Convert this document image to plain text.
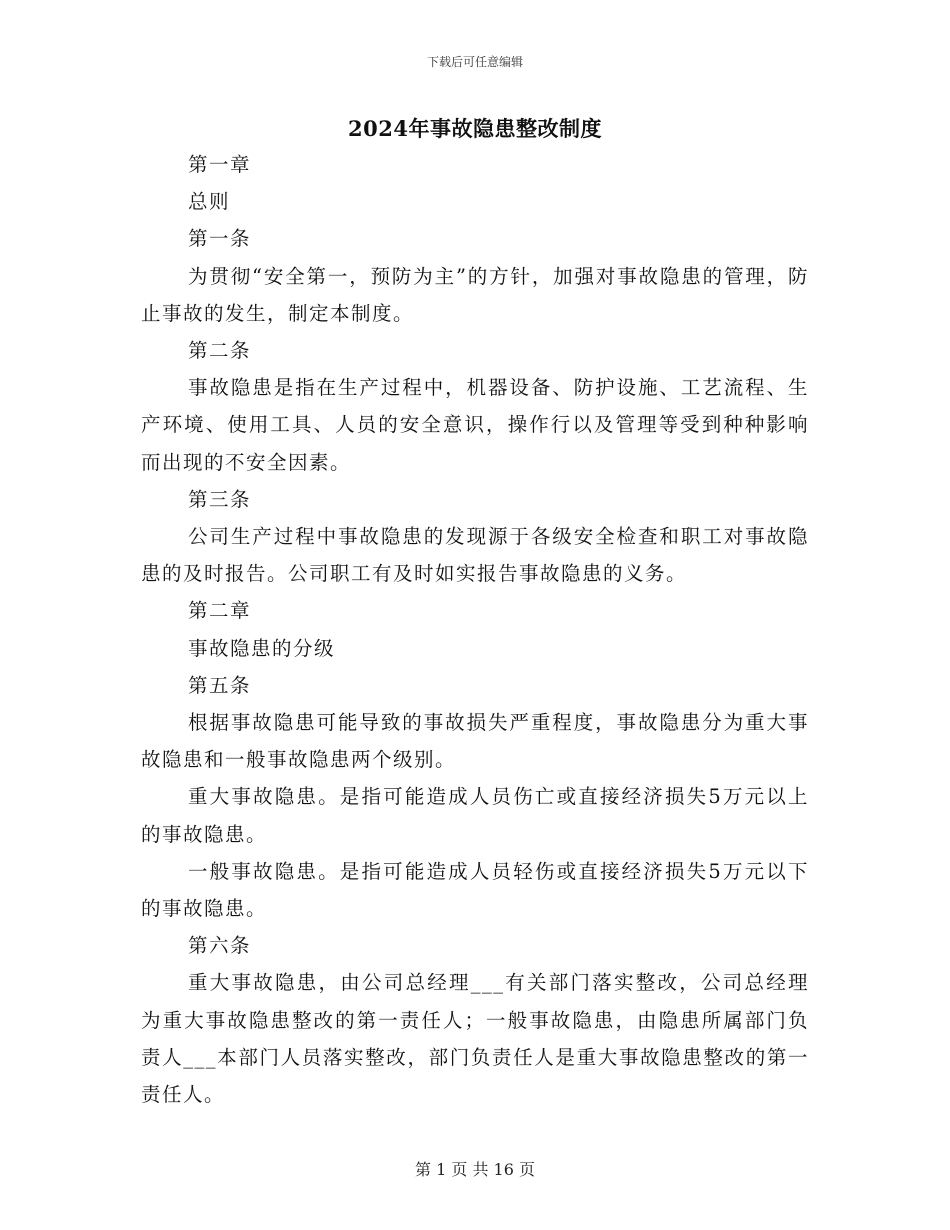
下载后可任意编辑
2024年事故隐患整改制度

第一章

总则

第一条

为贯彻“安全第一，预防为主”的方针，加强对事故隐患的管理，防止事故的发生，制定本制度。

第二条

事故隐患是指在生产过程中，机器设备、防护设施、工艺流程、生产环境、使用工具、人员的安全意识，操作行以及管理等受到种种影响而出现的不安全因素。

第三条

公司生产过程中事故隐患的发现源于各级安全检查和职工对事故隐患的及时报告。公司职工有及时如实报告事故隐患的义务。

第二章

事故隐患的分级

第五条

根据事故隐患可能导致的事故损失严重程度，事故隐患分为重大事故隐患和一般事故隐患两个级别。

重大事故隐患。是指可能造成人员伤亡或直接经济损失5万元以上的事故隐患。

一般事故隐患。是指可能造成人员轻伤或直接经济损失5万元以下的事故隐患。

第六条

重大事故隐患，由公司总经理___有关部门落实整改，公司总经理为重大事故隐患整改的第一责任人；一般事故隐患，由隐患所属部门负责人___本部门人员落实整改，部门负责任人是重大事故隐患整改的第一责任人。

第 1 页 共 16 页
